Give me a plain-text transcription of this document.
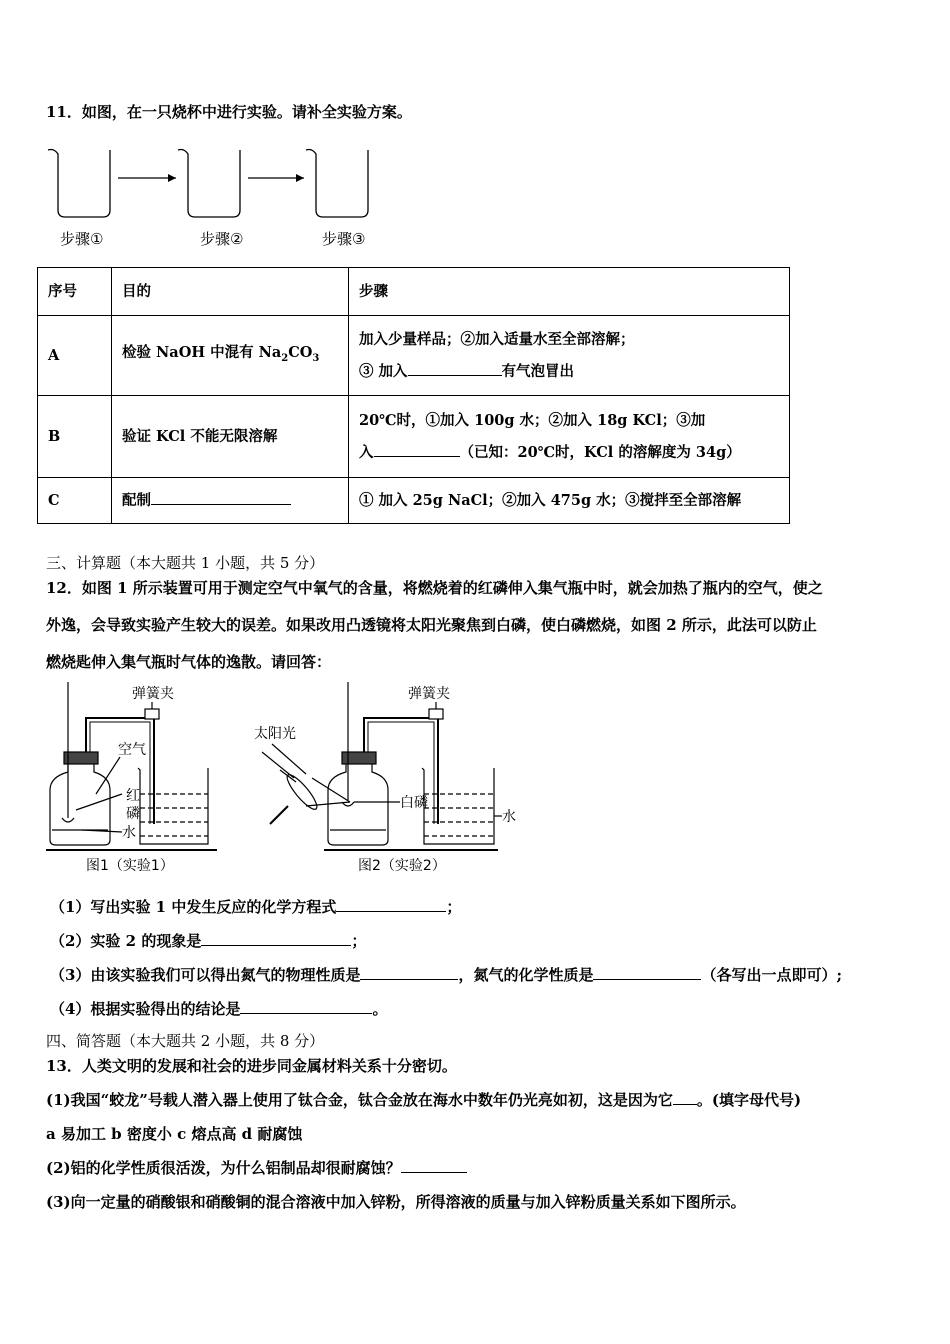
11．如图，在一只烧杯中进行实验。请补全实验方案。
步骤①	步骤②	步骤③
序号	目的	步骤
A	检验 NaOH 中混有 $Na_2CO_3$	加入少量样品；②加入适量水至全部溶解；
③ 加入 有气泡冒出

B	验证 KCl 不能无限溶解	20℃时，①加入 100g 水；②加入 18g KCl；③加
入 （已知：20℃时，KCl 的溶解度为 34g）

C	配制	① 加入 25g NaCl；②加入 475g 水；③搅拌至全部溶解
三、计算题（本大题共 1 小题，共 5 分）
12．如图 1 所示装置可用于测定空气中氧气的含量，将燃烧着的红磷伸入集气瓶中时，就会加热了瓶内的空气，使之
外逸，会导致实验产生较大的误差。如果改用凸透镜将太阳光聚焦到白磷，使白磷燃烧，如图 2 所示，此法可以防止
燃烧匙伸入集气瓶时气体的逸散。请回答：
弹簧夹
空气
红
磷
水
图1（实验1）
弹簧夹
太阳光
白磷
水
图2（实验2）
（1）写出实验 1 中发生反应的化学方程式	；
（2）实验 2 的现象是	；
（3）由该实验我们可以得出氮气的物理性质是	，氮气的化学性质是	（各写出一点即可）;
（4）根据实验得出的结论是	。
四、简答题（本大题共 2 小题，共 8 分）
13．人类文明的发展和社会的进步同金属材料关系十分密切。
(1)我国“蛟龙”号载人潜入器上使用了钛合金，钛合金放在海水中数年仍光亮如初，这是因为它 。(填字母代号)
a 易加工 b 密度小 c 熔点高 d 耐腐蚀
(2)铝的化学性质很活泼，为什么铝制品却很耐腐蚀？
(3)向一定量的硝酸银和硝酸铜的混合溶液中加入锌粉，所得溶液的质量与加入锌粉质量关系如下图所示。
